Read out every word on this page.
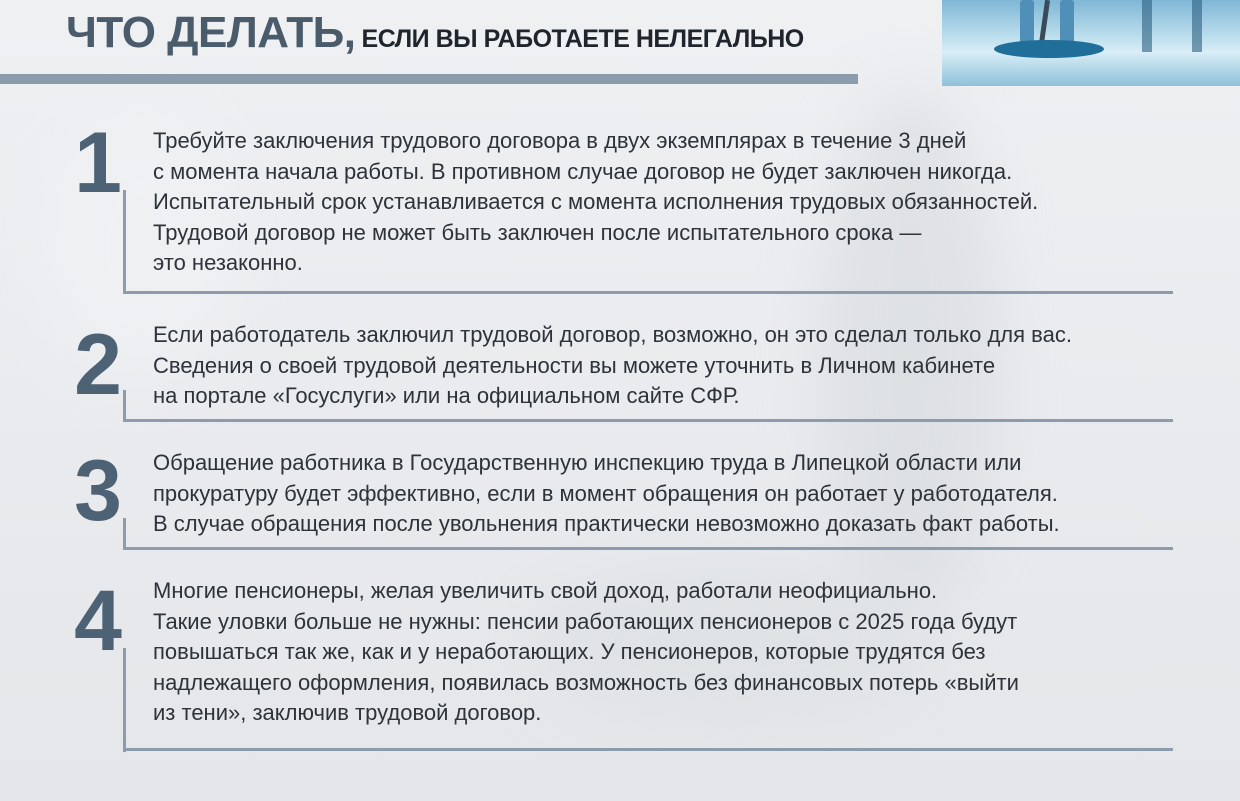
ЧТО ДЕЛАТЬ, ЕСЛИ ВЫ РАБОТАЕТЕ НЕЛЕГАЛЬНО
1 Требуйте заключения трудового договора в двух экземплярах в течение 3 дней
с момента начала работы. В противном случае договор не будет заключен никогда.
Испытательный срок устанавливается с момента исполнения трудовых обязанностей.
Трудовой договор не может быть заключен после испытательного срока —
это незаконно.
2 Если работодатель заключил трудовой договор, возможно, он это сделал только для вас.
Сведения о своей трудовой деятельности вы можете уточнить в Личном кабинете
на портале «Госуслуги» или на официальном сайте СФР.
3 Обращение работника в Государственную инспекцию труда в Липецкой области или
прокуратуру будет эффективно, если в момент обращения он работает у работодателя.
В случае обращения после увольнения практически невозможно доказать факт работы.
4 Многие пенсионеры, желая увеличить свой доход, работали неофициально.
Такие уловки больше не нужны: пенсии работающих пенсионеров с 2025 года будут
повышаться так же, как и у неработающих. У пенсионеров, которые трудятся без
надлежащего оформления, появилась возможность без финансовых потерь «выйти
из тени», заключив трудовой договор.
